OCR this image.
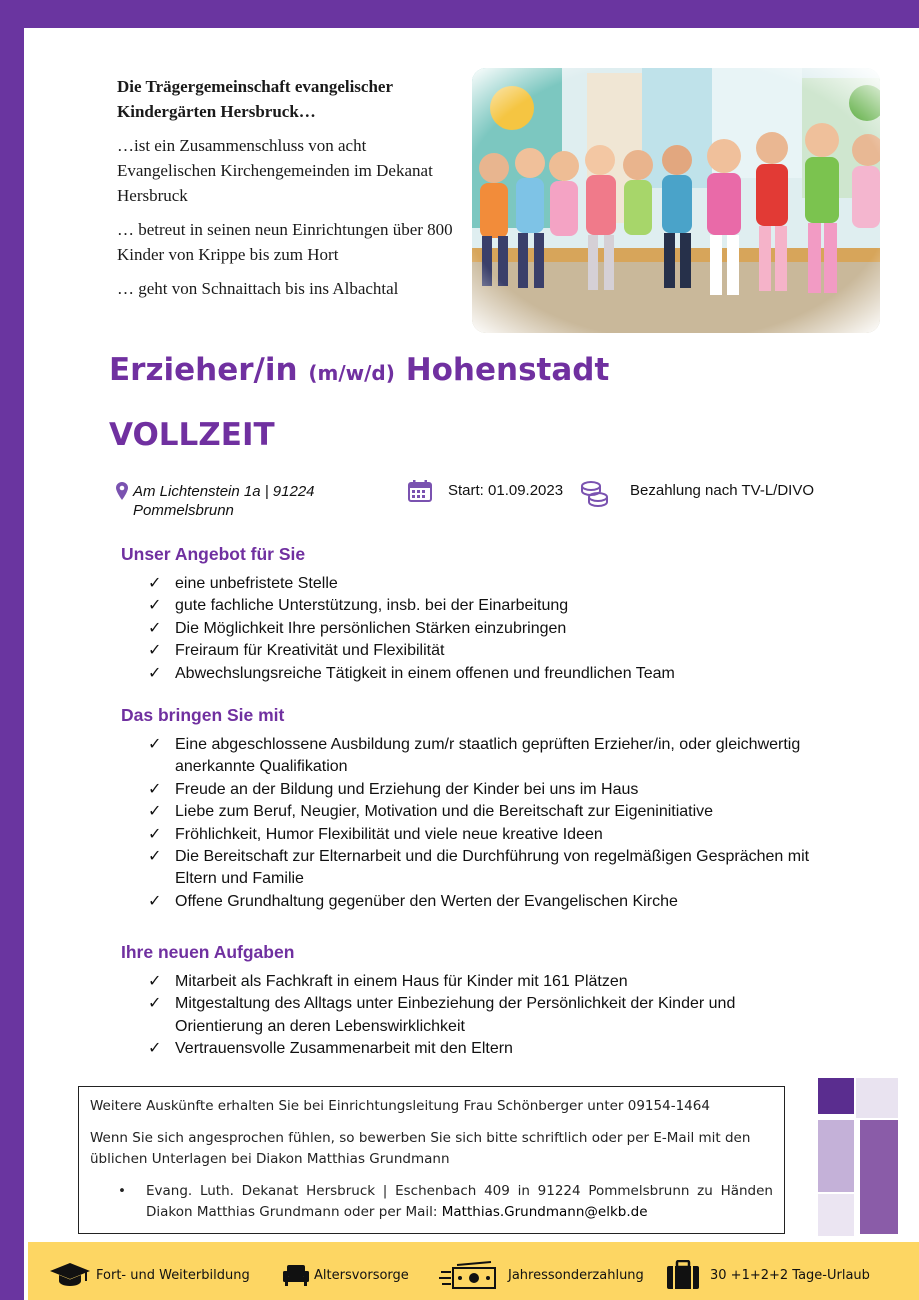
Die Trägergemeinschaft evangelischer Kindergärten Hersbruck…

…ist ein Zusammenschluss von acht Evangelischen Kirchengemeinden im Dekanat Hersbruck

… betreut in seinen neun Einrichtungen über 800 Kinder von Krippe bis zum Hort

… geht von Schnaittach bis ins Albachtal

Erzieher/in (m/w/d) Hohenstadt
VOLLZEIT
Am Lichtenstein 1a | 91224 Pommelsbrunn
Start: 01.09.2023	Bezahlung nach TV-L/DIVO
Unser Angebot für Sie
✓ eine unbefristete Stelle
✓ gute fachliche Unterstützung, insb. bei der Einarbeitung
✓ Die Möglichkeit Ihre persönlichen Stärken einzubringen
✓ Freiraum für Kreativität und Flexibilität
✓ Abwechslungsreiche Tätigkeit in einem offenen und freundlichen Team
Das bringen Sie mit
✓ Eine abgeschlossene Ausbildung zum/r staatlich geprüften Erzieher/in, oder gleichwertig anerkannte Qualifikation
✓ Freude an der Bildung und Erziehung der Kinder bei uns im Haus
✓ Liebe zum Beruf, Neugier, Motivation und die Bereitschaft zur Eigeninitiative
✓ Fröhlichkeit, Humor Flexibilität und viele neue kreative Ideen
✓ Die Bereitschaft zur Elternarbeit und die Durchführung von regelmäßigen Gesprächen mit Eltern und Familie
✓ Offene Grundhaltung gegenüber den Werten der Evangelischen Kirche
Ihre neuen Aufgaben
✓ Mitarbeit als Fachkraft in einem Haus für Kinder mit 161 Plätzen
✓ Mitgestaltung des Alltags unter Einbeziehung der Persönlichkeit der Kinder und Orientierung an deren Lebenswirklichkeit
✓ Vertrauensvolle Zusammenarbeit mit den Eltern

Weitere Auskünfte erhalten Sie bei Einrichtungsleitung Frau Schönberger unter 09154-1464

Wenn Sie sich angesprochen fühlen, so bewerben Sie sich bitte schriftlich oder per E-Mail mit den üblichen Unterlagen bei Diakon Matthias Grundmann

• Evang. Luth. Dekanat Hersbruck | Eschenbach 409 in 91224 Pommelsbrunn zu Händen Diakon Matthias Grundmann oder per Mail: Matthias.Grundmann@elkb.de
Fort- und Weiterbildung	Altersvorsorge	Jahressonderzahlung	30 +1+2+2 Tage-Urlaub
